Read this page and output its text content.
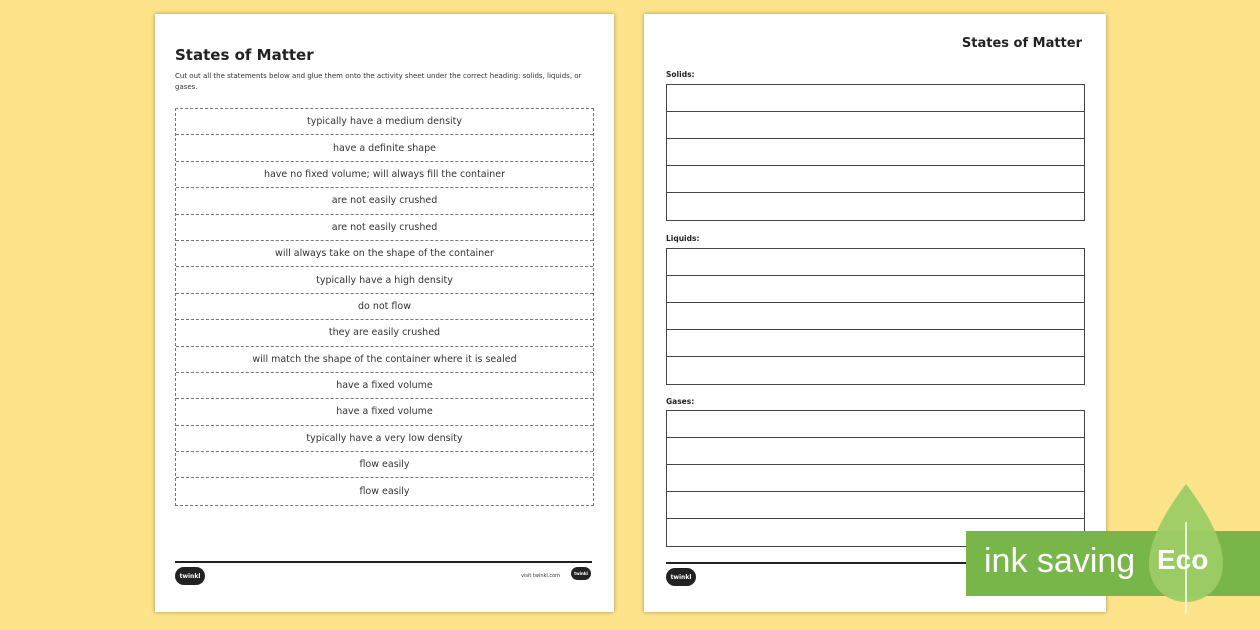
States of Matter
Cut out all the statements below and glue them onto the activity sheet under the correct heading: solids, liquids, or gases.
typically have a medium density
have a definite shape
have no fixed volume; will always fill the container
are not easily crushed
are not easily crushed
will always take on the shape of the container
typically have a high density
do not flow
they are easily crushed
will match the shape of the container where it is sealed
have a fixed volume
have a fixed volume
typically have a very low density
flow easily
flow easily
twinkl	visit twinkl.com	twinkl
States of Matter
Solids:
Liquids:
Gases:
twinkl	ink saving Eco
